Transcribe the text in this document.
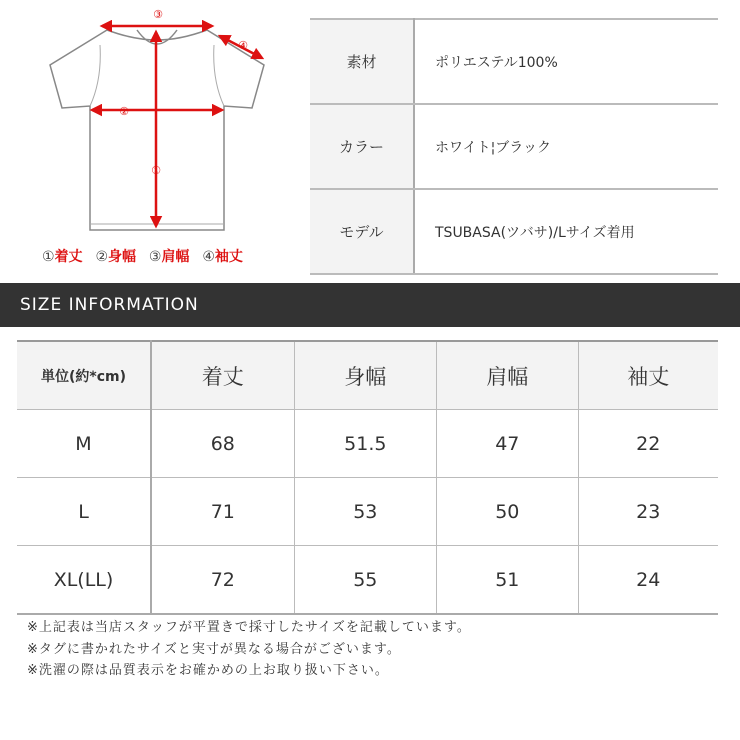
③
②
①
④
①着丈 ②身幅 ③肩幅 ④袖丈
素材	ポリエステル100%
カラー	ホワイト¦ブラック
モデル	TSUBASA(ツバサ)/Lサイズ着用
SIZE INFORMATION
単位(約*cm)	着丈	身幅	肩幅	袖丈
M	68	51.5	47	22
L	71	53	50	23
XL(LL)	72	55	51	24
※上記表は当店スタッフが平置きで採寸したサイズを記載しています。
※タグに書かれたサイズと実寸が異なる場合がございます。
※洗濯の際は品質表示をお確かめの上お取り扱い下さい。
